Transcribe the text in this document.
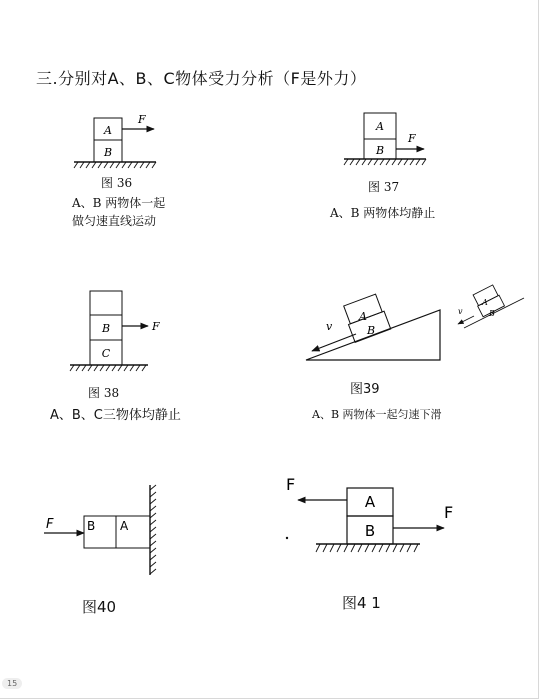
三.分别对A、B、C物体受力分析（F是外力）
A
B
F
图 36
A、B 两物体一起
做匀速直线运动
A
B
F
图 37
A、B 两物体均静止
B
C
F
图 38
A、B、C三物体均静止
A
B
v
A
B
v
图39
A、B 两物体一起匀速下滑
B A
F
图40
A
B
F
F
图4 1
15
